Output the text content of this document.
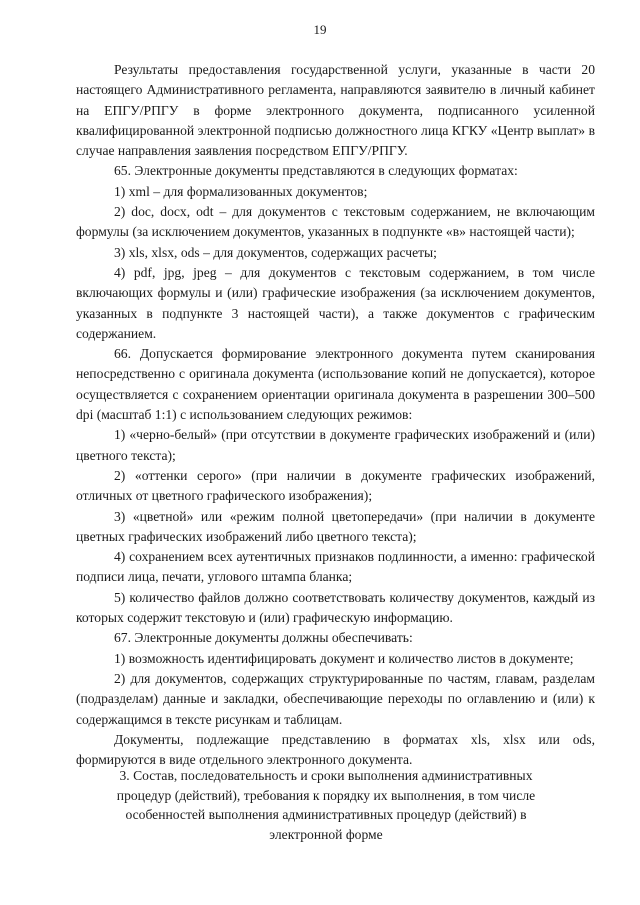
19

Результаты предоставления государственной услуги, указанные в части 20 настоящего Административного регламента, направляются заявителю в личный кабинет на ЕПГУ/РПГУ в форме электронного документа, подписанного усиленной квалифицированной электронной подписью должностного лица КГКУ «Центр выплат» в случае направления заявления посредством ЕПГУ/РПГУ.

65. Электронные документы представляются в следующих форматах:

1) xml – для формализованных документов;

2) doc, docx, odt – для документов с текстовым содержанием, не включающим формулы (за исключением документов, указанных в подпункте «в» настоящей части);

3) xls, xlsx, ods – для документов, содержащих расчеты;

4) pdf, jpg, jpeg – для документов с текстовым содержанием, в том числе включающих формулы и (или) графические изображения (за исключением документов, указанных в подпункте 3 настоящей части), а также документов с графическим содержанием.

66. Допускается формирование электронного документа путем сканирования непосредственно с оригинала документа (использование копий не допускается), которое осуществляется с сохранением ориентации оригинала документа в разрешении 300–500 dpi (масштаб 1:1) с использованием следующих режимов:

1) «черно-белый» (при отсутствии в документе графических изображений и (или) цветного текста);

2) «оттенки серого» (при наличии в документе графических изображений, отличных от цветного графического изображения);

3) «цветной» или «режим полной цветопередачи» (при наличии в документе цветных графических изображений либо цветного текста);

4) сохранением всех аутентичных признаков подлинности, а именно: графической подписи лица, печати, углового штампа бланка;

5) количество файлов должно соответствовать количеству документов, каждый из которых содержит текстовую и (или) графическую информацию.

67. Электронные документы должны обеспечивать:

1) возможность идентифицировать документ и количество листов в документе;

2) для документов, содержащих структурированные по частям, главам, разделам (подразделам) данные и закладки, обеспечивающие переходы по оглавлению и (или) к содержащимся в тексте рисункам и таблицам.

Документы, подлежащие представлению в форматах xls, xlsx или ods, формируются в виде отдельного электронного документа.

3. Состав, последовательность и сроки выполнения административных
процедур (действий), требования к порядку их выполнения, в том числе
особенностей выполнения административных процедур (действий) в
электронной форме
